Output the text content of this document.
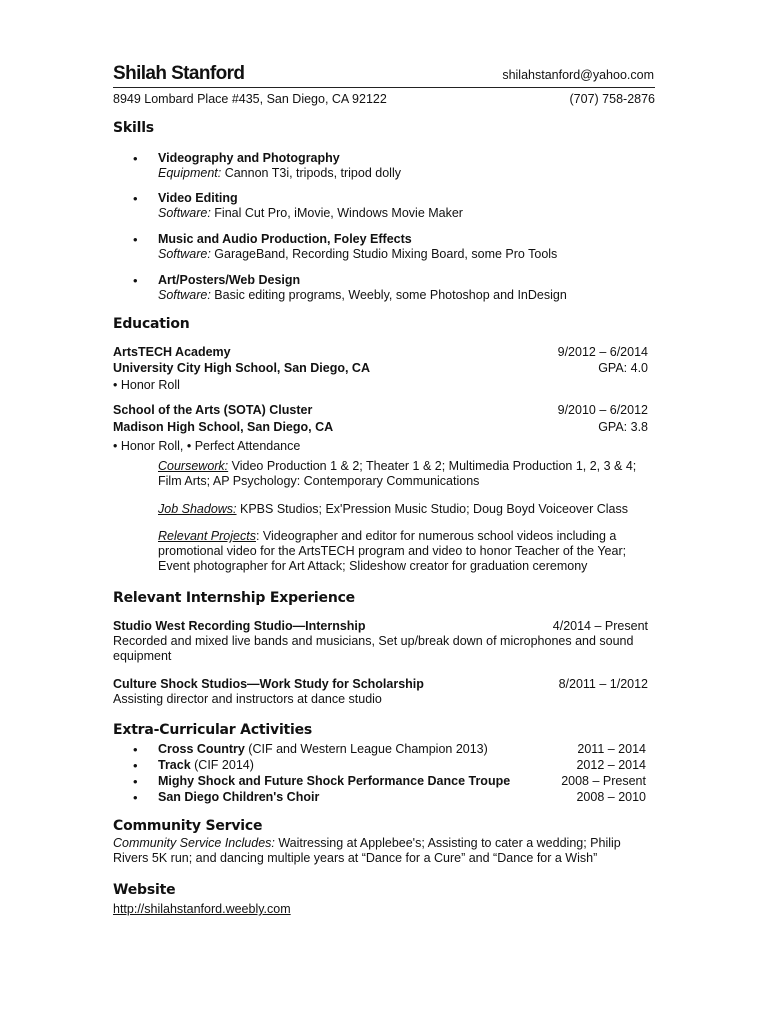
Shilah Stanford	shilahstanford@yahoo.com
8949 Lombard Place #435, San Diego, CA 92122	(707) 758-2876
Skills
• Videography and Photography
Equipment: Cannon T3i, tripods, tripod dolly
• Video Editing
Software: Final Cut Pro, iMovie, Windows Movie Maker
• Music and Audio Production, Foley Effects
Software: GarageBand, Recording Studio Mixing Board, some Pro Tools
• Art/Posters/Web Design
Software: Basic editing programs, Weebly, some Photoshop and InDesign
Education
ArtsTECH Academy	9/2012 – 6/2014
University City High School, San Diego, CA	GPA: 4.0
• Honor Roll
School of the Arts (SOTA) Cluster	9/2010 – 6/2012
Madison High School, San Diego, CA	GPA: 3.8
• Honor Roll, • Perfect Attendance
Coursework: Video Production 1 & 2; Theater 1 & 2; Multimedia Production 1, 2, 3 & 4;
Film Arts; AP Psychology: Contemporary Communications
Job Shadows: KPBS Studios; Ex'Pression Music Studio; Doug Boyd Voiceover Class
Relevant Projects: Videographer and editor for numerous school videos including a
promotional video for the ArtsTECH program and video to honor Teacher of the Year;
Event photographer for Art Attack; Slideshow creator for graduation ceremony
Relevant Internship Experience
Studio West Recording Studio—Internship	4/2014 – Present
Recorded and mixed live bands and musicians, Set up/break down of microphones and sound
equipment
Culture Shock Studios—Work Study for Scholarship	8/2011 – 1/2012
Assisting director and instructors at dance studio
Extra-Curricular Activities
•	Cross Country (CIF and Western League Champion 2013)	2011 – 2014
•	Track (CIF 2014)	2012 – 2014
•	Mighy Shock and Future Shock Performance Dance Troupe	2008 – Present
•	San Diego Children's Choir	2008 – 2010
Community Service
Community Service Includes: Waitressing at Applebee's; Assisting to cater a wedding; Philip
Rivers 5K run; and dancing multiple years at “Dance for a Cure” and “Dance for a Wish”
Website
http://shilahstanford.weebly.com
